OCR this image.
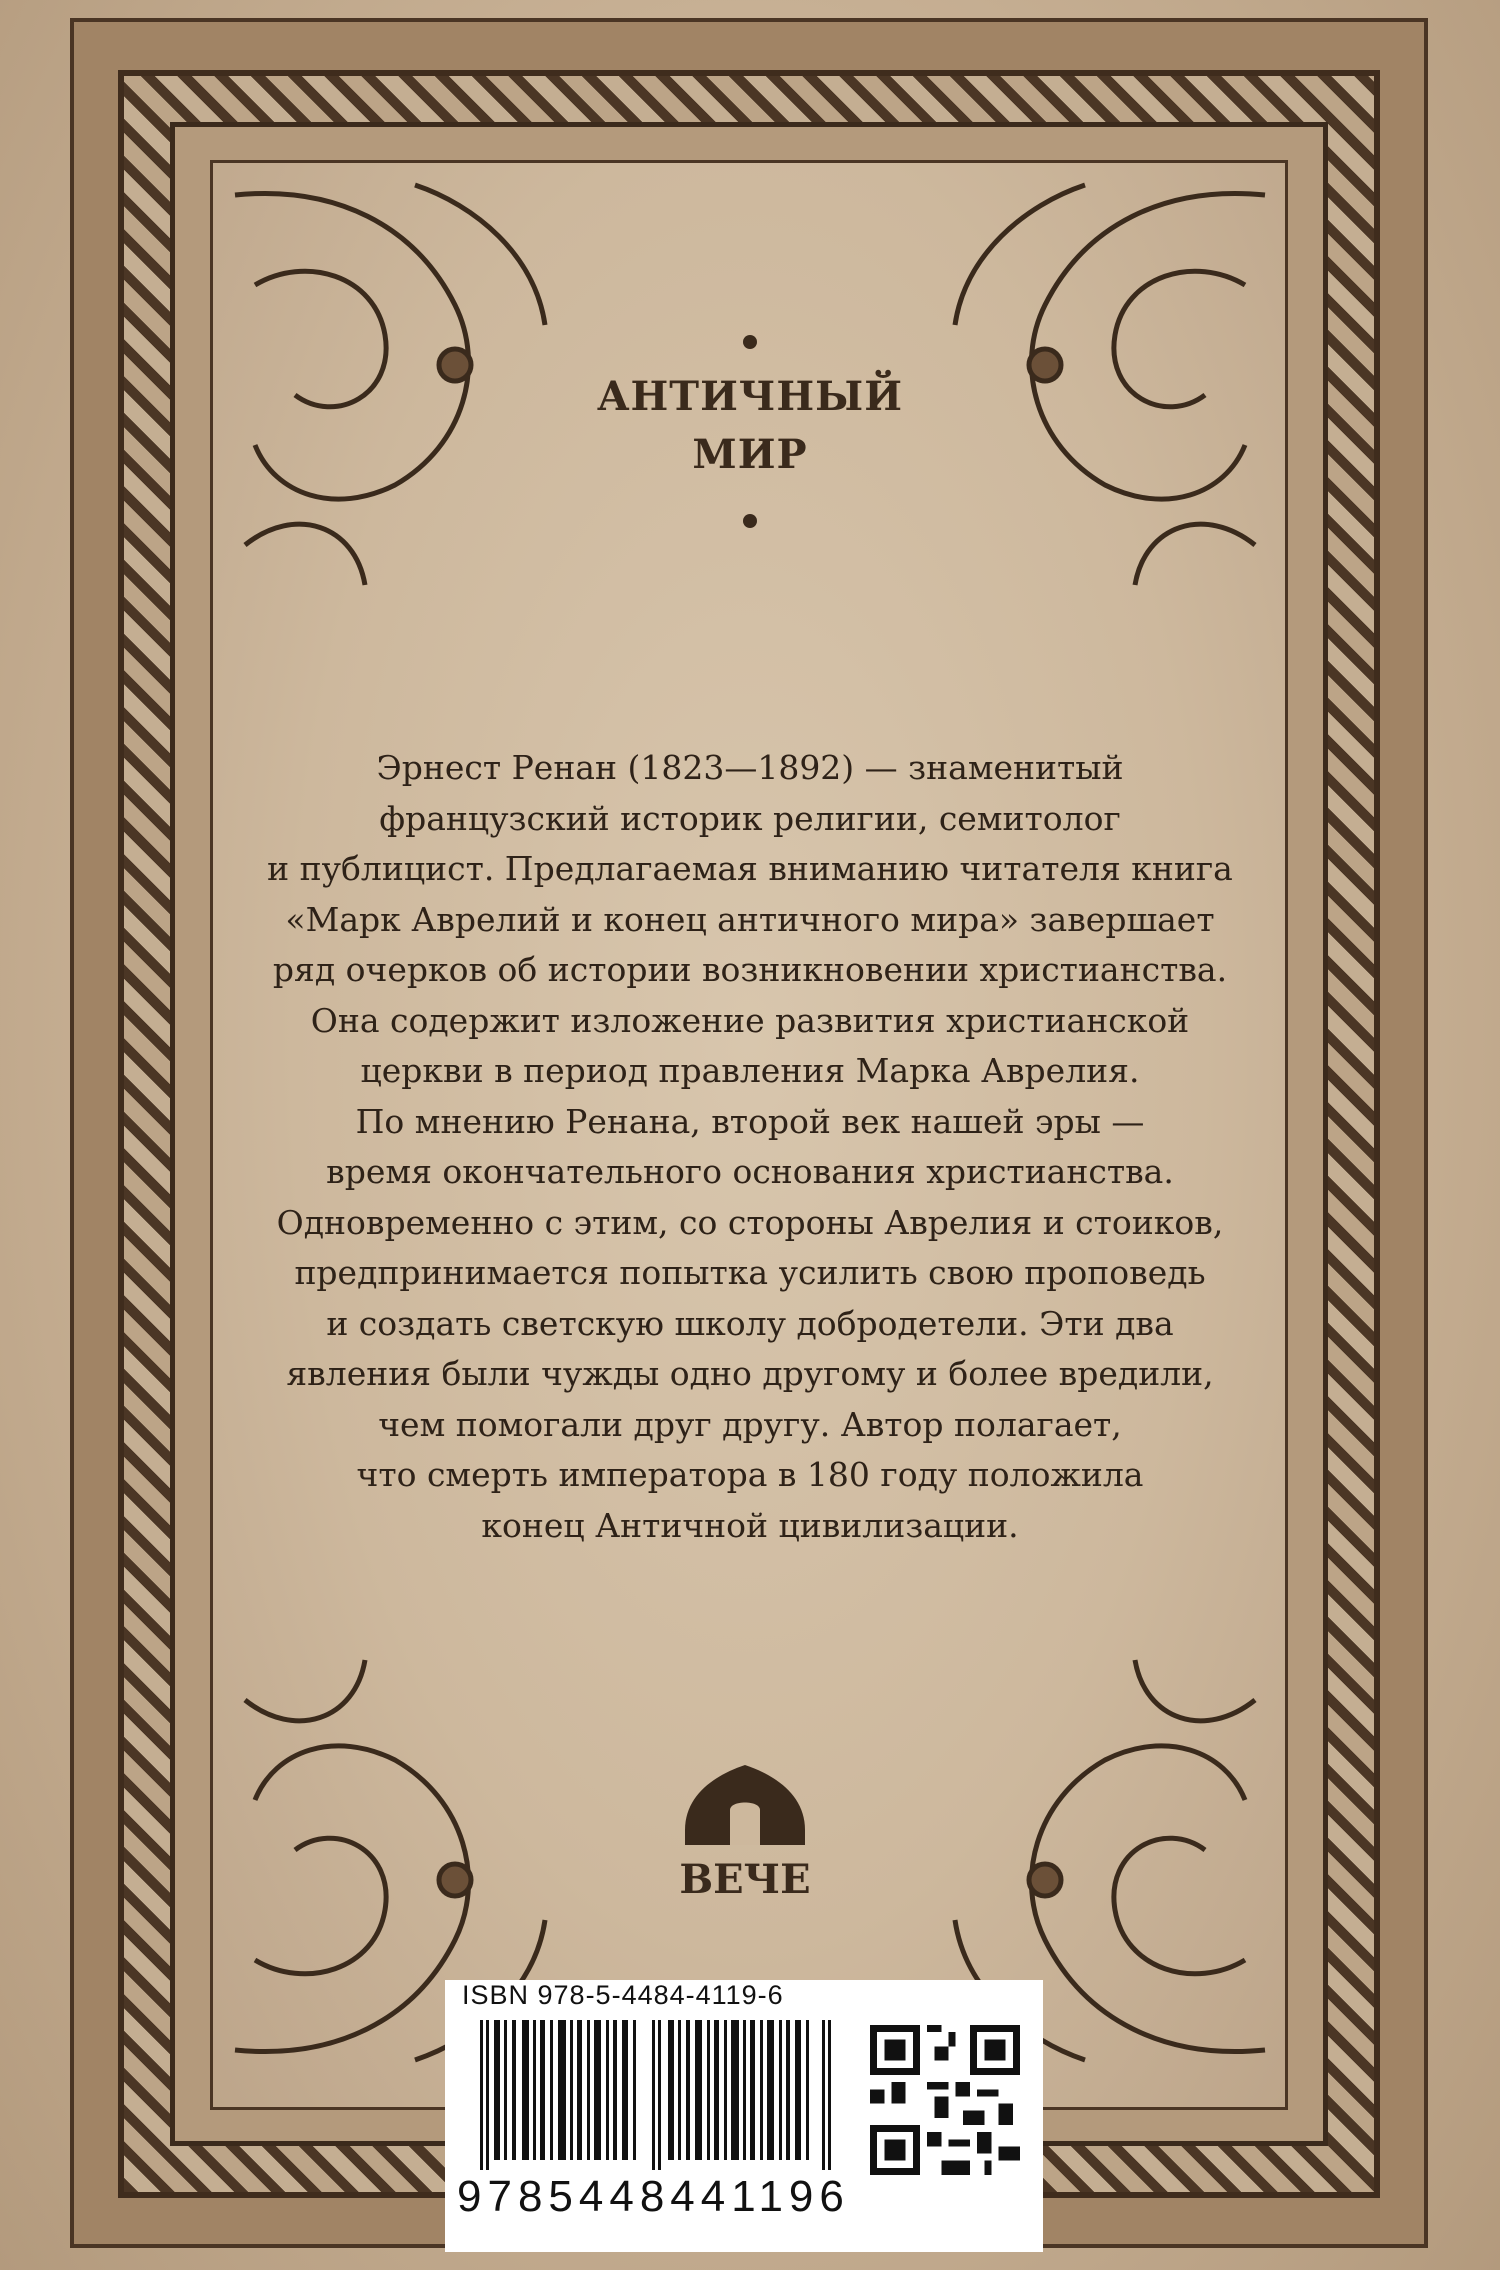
АНТИЧНЫЙ
МИР

Эрнест Ренан (1823—1892) — знаменитый
французский историк религии, семитолог
и публицист. Предлагаемая вниманию читателя книга
«Марк Аврелий и конец античного мира» завершает
ряд очерков об истории возникновении христианства.
Она содержит изложение развития христианской
церкви в период правления Марка Аврелия.
По мнению Ренана, второй век нашей эры —
время окончательного основания христианства.
Одновременно с этим, со стороны Аврелия и стоиков,
предпринимается попытка усилить свою проповедь
и создать светскую школу добродетели. Эти два
явления были чужды одно другому и более вредили,
чем помогали друг другу. Автор полагает,
что смерть императора в 180 году положила
конец Античной цивилизации.

ВЕЧЕ
ISBN 978-5-4484-4119-6
9785448441196
